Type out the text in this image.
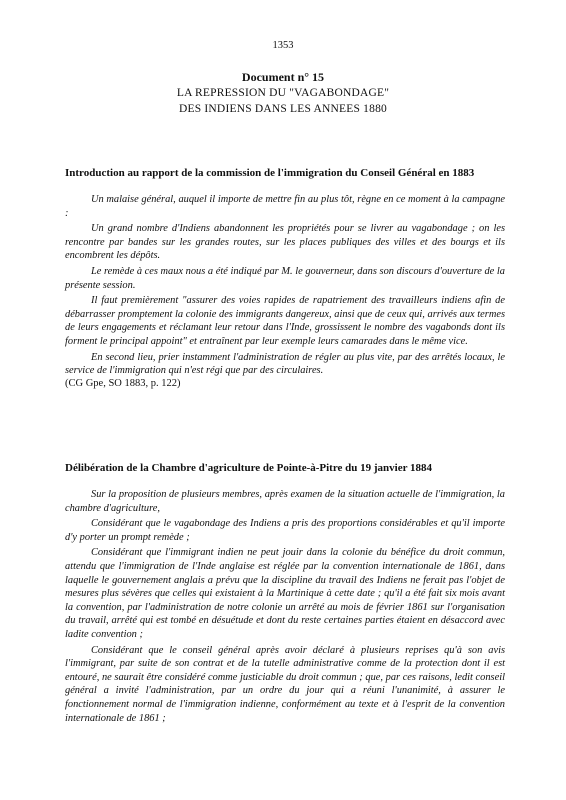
1353
Document n° 15
LA REPRESSION DU "VAGABONDAGE"
DES INDIENS DANS LES ANNEES 1880
Introduction au rapport de la commission de l'immigration du Conseil Général en 1883

Un malaise général, auquel il importe de mettre fin au plus tôt, règne en ce moment à la campagne :

Un grand nombre d'Indiens abandonnent les propriétés pour se livrer au vagabondage ; on les rencontre par bandes sur les grandes routes, sur les places publiques des villes et des bourgs et ils encombrent les dépôts.

Le remède à ces maux nous a été indiqué par M. le gouverneur, dans son discours d'ouverture de la présente session.

Il faut premièrement "assurer des voies rapides de rapatriement des travailleurs indiens afin de débarrasser promptement la colonie des immigrants dangereux, ainsi que de ceux qui, arrivés aux termes de leurs engagements et réclamant leur retour dans l'Inde, grossissent le nombre des vagabonds dont ils forment le principal appoint" et entraînent par leur exemple leurs camarades dans le même vice.

En second lieu, prier instamment l'administration de régler au plus vite, par des arrêtés locaux, le service de l'immigration qui n'est régi que par des circulaires.

(CG Gpe, SO 1883, p. 122)
Délibération de la Chambre d'agriculture de Pointe-à-Pitre du 19 janvier 1884

Sur la proposition de plusieurs membres, après examen de la situation actuelle de l'immigration, la chambre d'agriculture,

Considérant que le vagabondage des Indiens a pris des proportions considérables et qu'il importe d'y porter un prompt remède ;

Considérant que l'immigrant indien ne peut jouir dans la colonie du bénéfice du droit commun, attendu que l'immigration de l'Inde anglaise est réglée par la convention internationale de 1861, dans laquelle le gouvernement anglais a prévu que la discipline du travail des Indiens ne ferait pas l'objet de mesures plus sévères que celles qui existaient à la Martinique à cette date ; qu'il a été fait six mois avant la convention, par l'administration de notre colonie un arrêté au mois de février 1861 sur l'organisation du travail, arrêté qui est tombé en désuétude et dont du reste certaines parties étaient en désaccord avec ladite convention ;

Considérant que le conseil général après avoir déclaré à plusieurs reprises qu'à son avis l'immigrant, par suite de son contrat et de la tutelle administrative comme de la protection dont il est entouré, ne saurait être considéré comme justiciable du droit commun ; que, par ces raisons, ledit conseil général a invité l'administration, par un ordre du jour qui a réuni l'unanimité, à assurer le fonctionnement normal de l'immigration indienne, conformément au texte et à l'esprit de la convention internationale de 1861 ;
